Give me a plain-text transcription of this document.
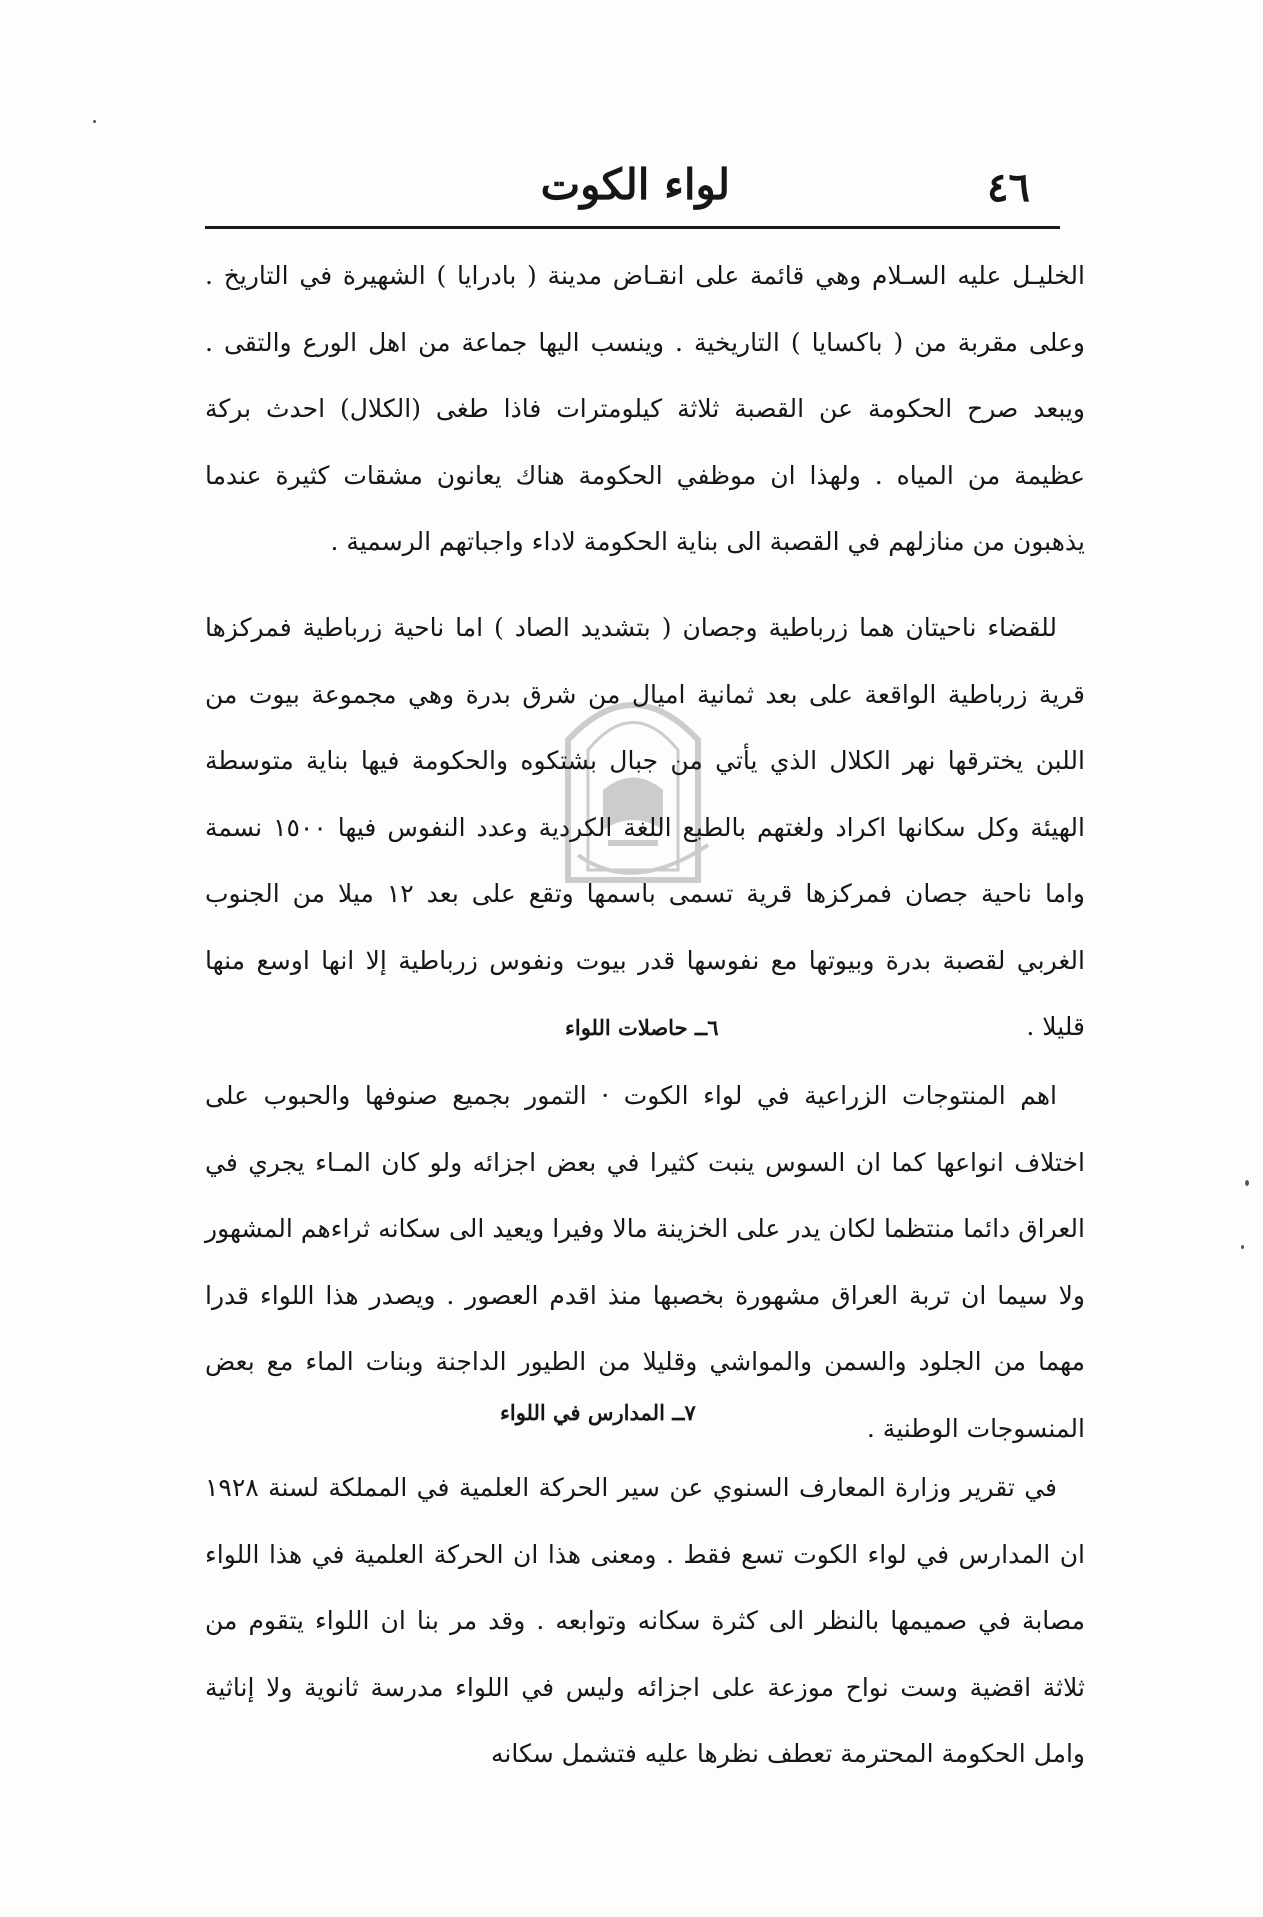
٤٦
لواء الكوت

الخليـل عليه السـلام وهي قائمة على انقـاض مدينة ( بادرايا ) الشهيرة في التاريخ . وعلى مقربة من ( باكسايا ) التاريخية . وينسب اليها جماعة من اهل الورع والتقى . ويبعد صرح الحكومة عن القصبة ثلاثة كيلومترات فاذا طغى (الكلال) احدث بركة عظيمة من المياه . ولهذا ان موظفي الحكومة هناك يعانون مشقات كثيرة عندما يذهبون من منازلهم في القصبة الى بناية الحكومة لاداء واجباتهم الرسمية .

للقضاء ناحيتان هما زرباطية وجصان ( بتشديد الصاد ) اما ناحية زرباطية فمركزها قرية زرباطية الواقعة على بعد ثمانية اميال من شرق بدرة وهي مجموعة بيوت من اللبن يخترقها نهر الكلال الذي يأتي من جبال بشتكوه والحكومة فيها بناية متوسطة الهيئة وكل سكانها اكراد ولغتهم بالطبع اللغة الكردية وعدد النفوس فيها ١٥٠٠ نسمة واما ناحية جصان فمركزها قرية تسمى باسمها وتقع على بعد ١٢ ميلا من الجنوب الغربي لقصبة بدرة وبيوتها مع نفوسها قدر بيوت ونفوس زرباطية إلا انها اوسع منها قليلا .

٦ــ حاصلات اللواء

اهم المنتوجات الزراعية في لواء الكوت · التمور بجميع صنوفها والحبوب على اختلاف انواعها كما ان السوس ينبت كثيرا في بعض اجزائه ولو كان المـاء يجري في العراق دائما منتظما لكان يدر على الخزينة مالا وفيرا ويعيد الى سكانه ثراءهم المشهور ولا سيما ان تربة العراق مشهورة بخصبها منذ اقدم العصور . ويصدر هذا اللواء قدرا مهما من الجلود والسمن والمواشي وقليلا من الطيور الداجنة وبنات الماء مع بعض المنسوجات الوطنية .

٧ــ المدارس في اللواء

في تقرير وزارة المعارف السنوي عن سير الحركة العلمية في المملكة لسنة ١٩٢٨ ان المدارس في لواء الكوت تسع فقط . ومعنى هذا ان الحركة العلمية في هذا اللواء مصابة في صميمها بالنظر الى كثرة سكانه وتوابعه . وقد مر بنا ان اللواء يتقوم من ثلاثة اقضية وست نواح موزعة على اجزائه وليس في اللواء مدرسة ثانوية ولا إناثية وامل الحكومة المحترمة تعطف نظرها عليه فتشمل سكانه
